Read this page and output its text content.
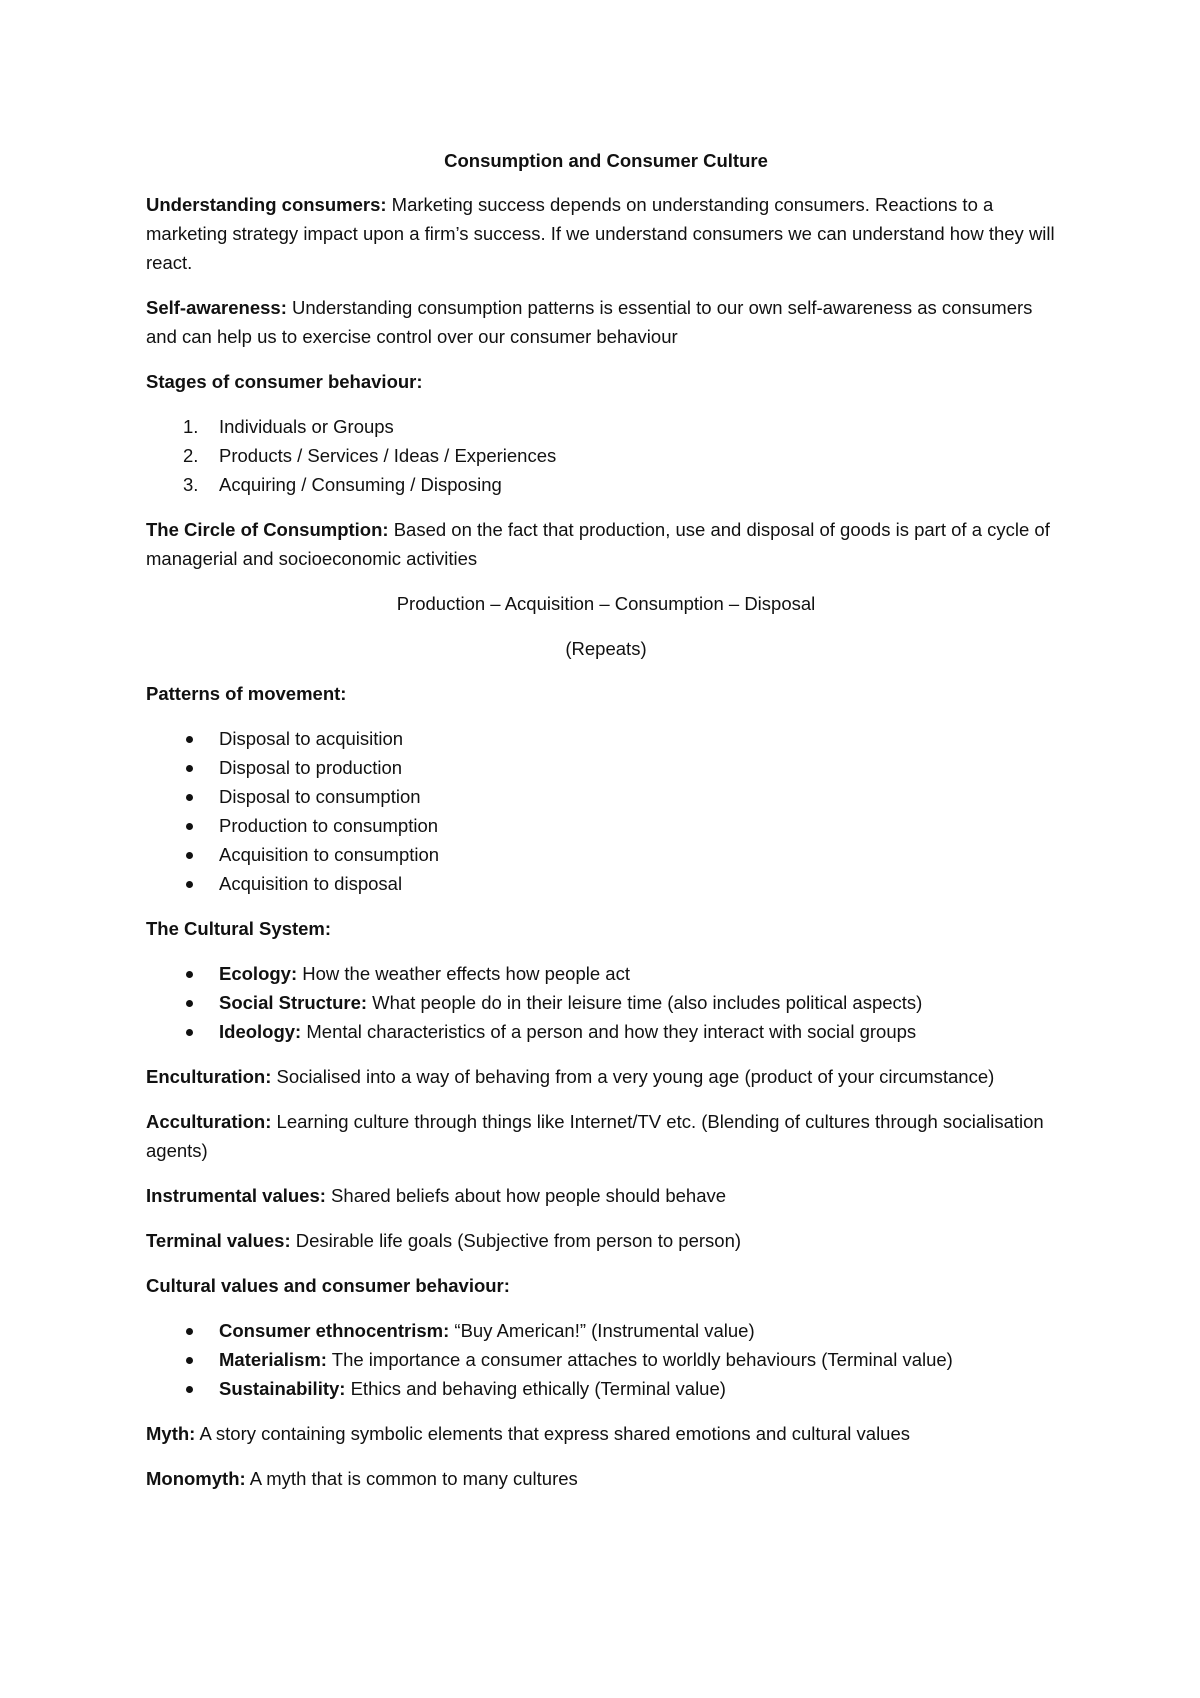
Consumption and Consumer Culture

Understanding consumers: Marketing success depends on understanding consumers. Reactions to a marketing strategy impact upon a firm’s success. If we understand consumers we can understand how they will react.

Self-awareness: Understanding consumption patterns is essential to our own self-awareness as consumers and can help us to exercise control over our consumer behaviour

Stages of consumer behaviour:

1. Individuals or Groups
2. Products / Services / Ideas / Experiences
3. Acquiring / Consuming / Disposing

The Circle of Consumption: Based on the fact that production, use and disposal of goods is part of a cycle of managerial and socioeconomic activities

Production – Acquisition – Consumption – Disposal

(Repeats)

Patterns of movement:

Disposal to acquisition
Disposal to production
Disposal to consumption
Production to consumption
Acquisition to consumption
Acquisition to disposal

The Cultural System:

Ecology: How the weather effects how people act
Social Structure: What people do in their leisure time (also includes political aspects)
Ideology: Mental characteristics of a person and how they interact with social groups

Enculturation: Socialised into a way of behaving from a very young age (product of your circumstance)

Acculturation: Learning culture through things like Internet/TV etc. (Blending of cultures through socialisation agents)

Instrumental values: Shared beliefs about how people should behave

Terminal values: Desirable life goals (Subjective from person to person)

Cultural values and consumer behaviour:

Consumer ethnocentrism: “Buy American!” (Instrumental value)
Materialism: The importance a consumer attaches to worldly behaviours (Terminal value)
Sustainability: Ethics and behaving ethically (Terminal value)

Myth: A story containing symbolic elements that express shared emotions and cultural values

Monomyth: A myth that is common to many cultures
